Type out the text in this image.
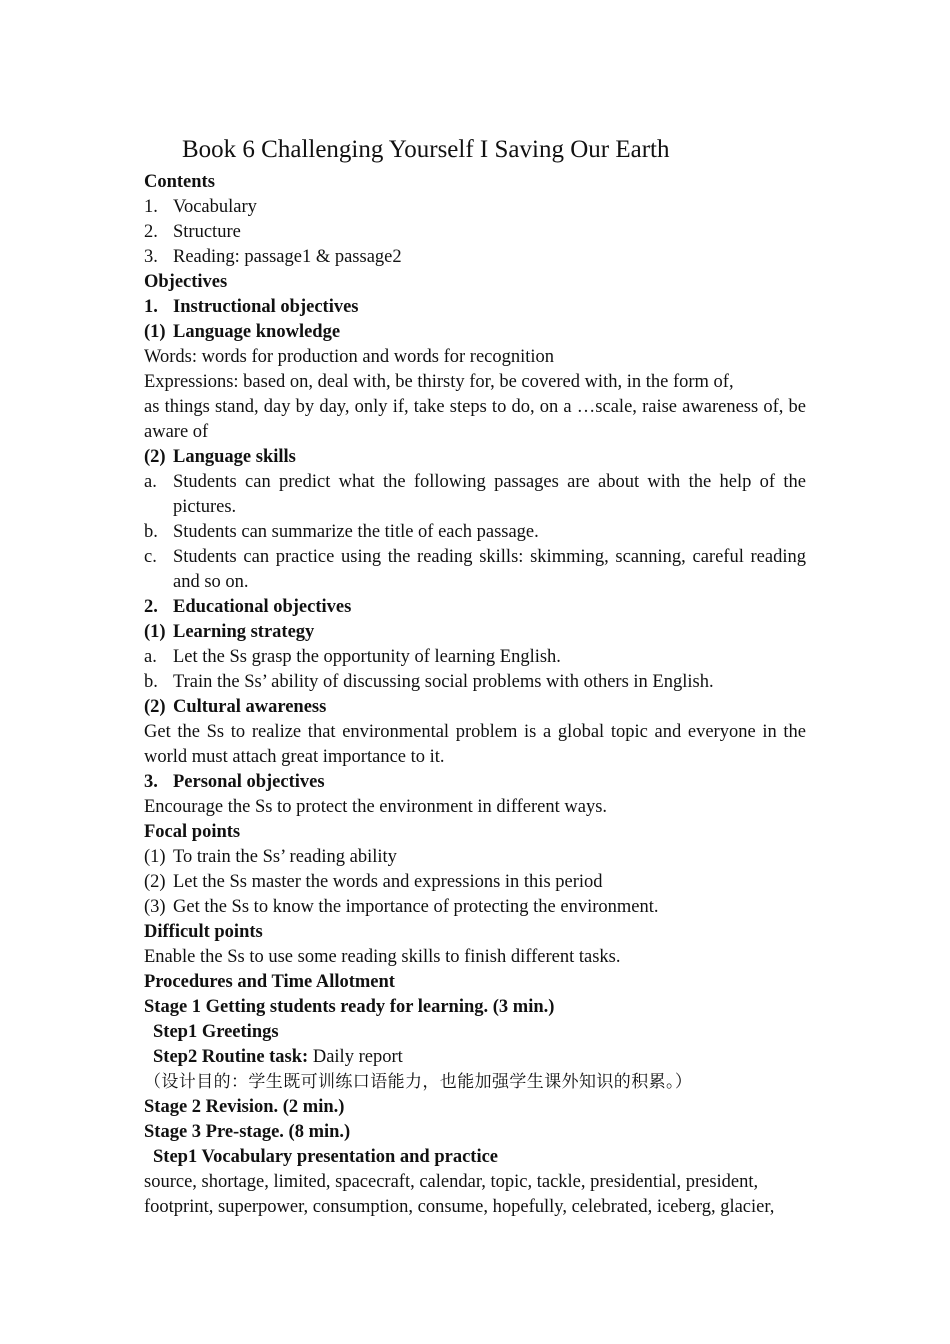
Book 6 Challenging Yourself I Saving Our Earth

Contents

1. Vocabulary
2. Structure
3. Reading: passage1 & passage2

Objectives

1. Instructional objectives
(1) Language knowledge

Words: words for production and words for recognition

Expressions: based on, deal with, be thirsty for, be covered with, in the form of,

as things stand, day by day, only if, take steps to do, on a …scale, raise awareness of, be aware of

(2) Language skills
a. Students can predict what the following passages are about with the help of the pictures.
b. Students can summarize the title of each passage.
c. Students can practice using the reading skills: skimming, scanning, careful reading and so on.
2. Educational objectives
(1) Learning strategy
a. Let the Ss grasp the opportunity of learning English.
b. Train the Ss’ ability of discussing social problems with others in English.
(2) Cultural awareness

Get the Ss to realize that environmental problem is a global topic and everyone in the world must attach great importance to it.

3. Personal objectives

Encourage the Ss to protect the environment in different ways.

Focal points

(1) To train the Ss’ reading ability
(2) Let the Ss master the words and expressions in this period
(3) Get the Ss to know the importance of protecting the environment.

Difficult points

Enable the Ss to use some reading skills to finish different tasks.

Procedures and Time Allotment

Stage 1 Getting students ready for learning. (3 min.)

Step1 Greetings

Step2 Routine task: Daily report

（设计目的：学生既可训练口语能力，也能加强学生课外知识的积累。）

Stage 2 Revision. (2 min.)

Stage 3 Pre-stage. (8 min.)

Step1 Vocabulary presentation and practice

source, shortage, limited, spacecraft, calendar, topic, tackle, presidential, president,

footprint, superpower, consumption, consume, hopefully, celebrated, iceberg, glacier,
